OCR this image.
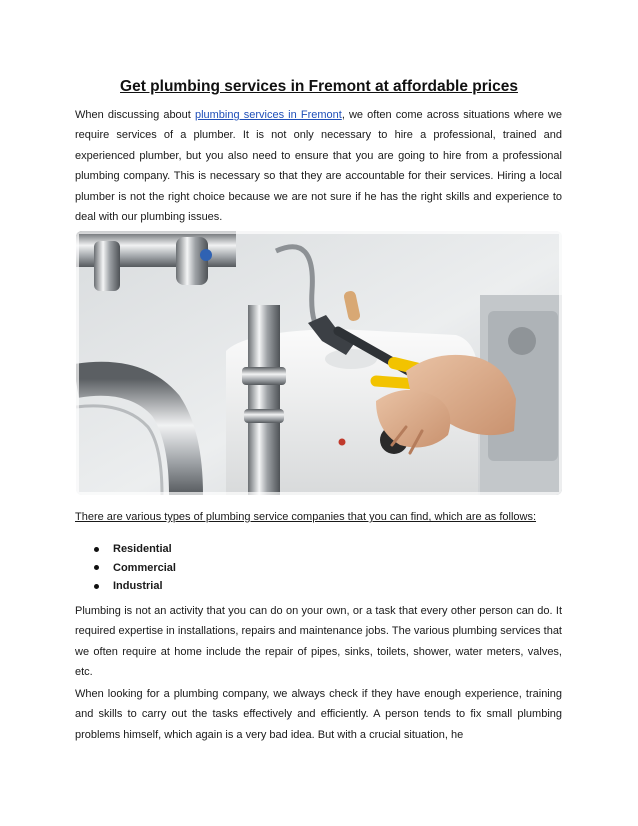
Get plumbing services in Fremont at affordable prices

When discussing about plumbing services in Fremont, we often come across situations where we require services of a plumber. It is not only necessary to hire a professional, trained and experienced plumber, but you also need to ensure that you are going to hire from a professional plumbing company. This is necessary so that they are accountable for their services. Hiring a local plumber is not the right choice because we are not sure if he has the right skills and experience to deal with our plumbing issues.

There are various types of plumbing service companies that you can find, which are as follows:

Residential
Commercial
Industrial

Plumbing is not an activity that you can do on your own, or a task that every other person can do. It required expertise in installations, repairs and maintenance jobs. The various plumbing services that we often require at home include the repair of pipes, sinks, toilets, shower, water meters, valves, etc.

When looking for a plumbing company, we always check if they have enough experience, training and skills to carry out the tasks effectively and efficiently. A person tends to fix small plumbing problems himself, which again is a very bad idea. But with a crucial situation, he
